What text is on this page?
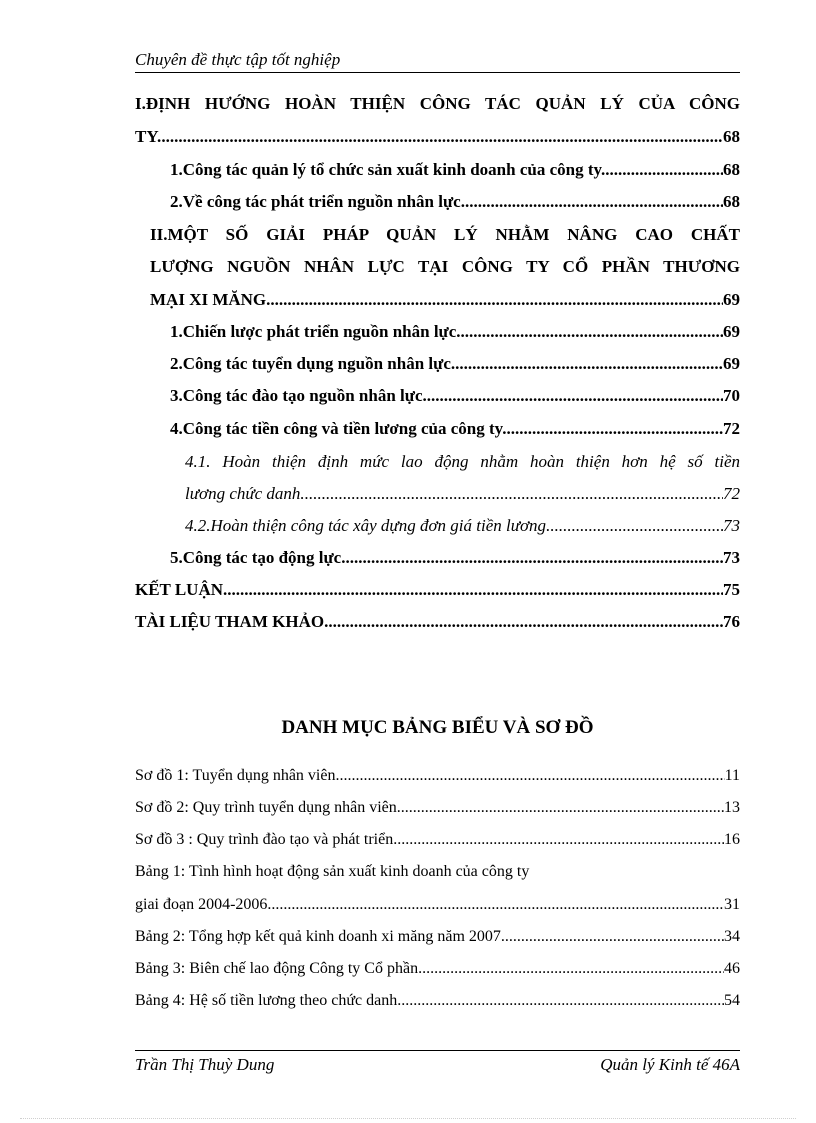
Chuyên đề thực tập tốt nghiệp
I.ĐỊNH HƯỚNG HOÀN THIỆN CÔNG TÁC QUẢN LÝ CỦA CÔNG
TY. .....	68
1.Công tác quản lý tổ chức sản xuất kinh doanh của công ty. .....	68
2.Về công tác phát triển nguồn nhân lực .....	68
II.MỘT SỐ GIẢI PHÁP QUẢN LÝ NHẰM NÂNG CAO CHẤT
LƯỢNG NGUỒN NHÂN LỰC TẠI CÔNG TY CỔ PHẦN THƯƠNG
MẠI XI MĂNG. .....	69
1.Chiến lược phát triển nguồn nhân lực .....	69
2.Công tác tuyển dụng nguồn nhân lực. .....	69
3.Công tác đào tạo nguồn nhân lực .....	70
4.Công tác tiền công và tiền lương của công ty. .....	72
4.1. Hoàn thiện định mức lao động nhằm hoàn thiện hơn hệ số tiền
lương chức danh. .....	72
4.2.Hoàn thiện công tác xây dựng đơn giá tiền lương .....	73
5.Công tác tạo động lực .....	73
KẾT LUẬN .....	75
TÀI LIỆU THAM KHẢO .....	76
DANH MỤC BẢNG BIỂU VÀ SƠ ĐỒ
Sơ đồ 1: Tuyển dụng nhân viên. .....	11
Sơ đồ 2: Quy trình tuyển dụng nhân viên .....	13
Sơ đồ 3 : Quy trình đào tạo và phát triển. .....	16
Bảng 1: Tình hình hoạt động sản xuất kinh doanh của công ty
giai đoạn 2004-2006 .....	31
Bảng 2: Tổng hợp kết quả kinh doanh xi măng năm 2007. .....	34
Bảng 3: Biên chế lao động Công ty Cổ phần .....	46
Bảng 4: Hệ số tiền lương theo chức danh .....	54
Trần Thị Thuỳ Dung	Quản lý Kinh tế 46A
